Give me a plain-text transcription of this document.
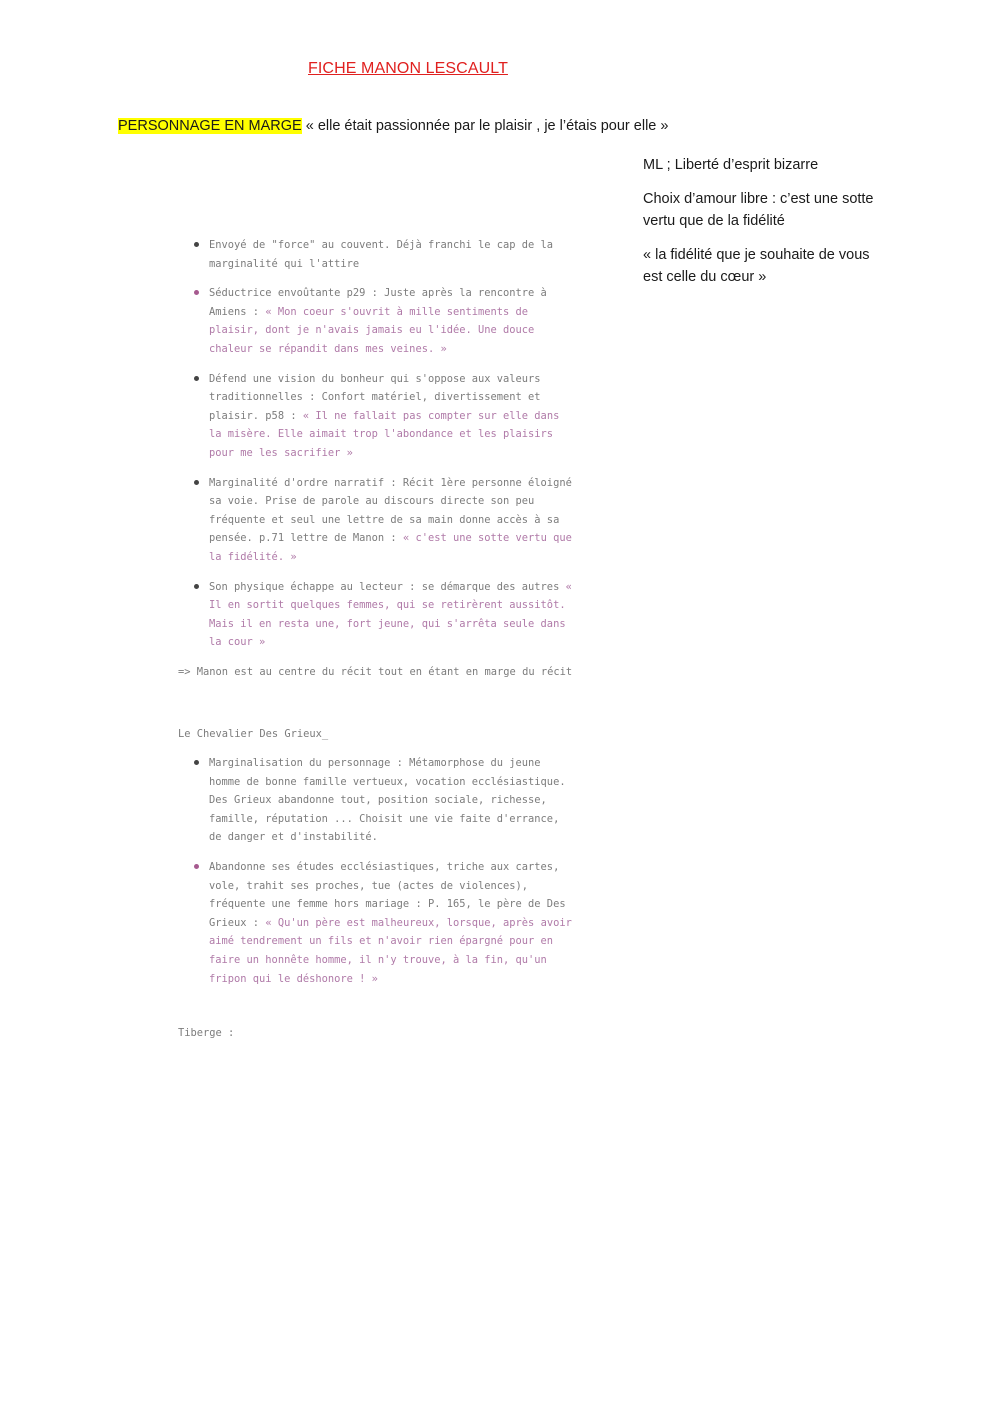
FICHE MANON LESCAULT
PERSONNAGE EN MARGE « elle était passionnée par le plaisir , je l’étais pour elle »

ML ; Liberté d’esprit bizarre

Choix d’amour libre : c’est une sotte vertu que de la fidélité

« la fidélité que je souhaite de vous est celle du cœur »

Envoyé de "force" au couvent. Déjà franchi le cap de la marginalité qui l'attire
Séductrice envoûtante p29 : Juste après la rencontre à Amiens : « Mon coeur s'ouvrit à mille sentiments de plaisir, dont je n'avais jamais eu l'idée. Une douce chaleur se répandit dans mes veines. »
Défend une vision du bonheur qui s'oppose aux valeurs traditionnelles : Confort matériel, divertissement et plaisir. p58 : « Il ne fallait pas compter sur elle dans la misère. Elle aimait trop l'abondance et les plaisirs pour me les sacrifier »
Marginalité d'ordre narratif : Récit 1ère personne éloigné sa voie. Prise de parole au discours directe son peu fréquente et seul une lettre de sa main donne accès à sa pensée. p.71 lettre de Manon : « c'est une sotte vertu que la fidélité. »
Son physique échappe au lecteur : se démarque des autres « Il en sortit quelques femmes, qui se retirèrent aussitôt. Mais il en resta une, fort jeune, qui s'arrêta seule dans la cour »

=> Manon est au centre du récit tout en étant en marge du récit

Le Chevalier Des Grieux_

Marginalisation du personnage : Métamorphose du jeune homme de bonne famille vertueux, vocation ecclésiastique. Des Grieux abandonne tout, position sociale, richesse, famille, réputation ... Choisit une vie faite d'errance, de danger et d'instabilité.
Abandonne ses études ecclésiastiques, triche aux cartes, vole, trahit ses proches, tue (actes de violences), fréquente une femme hors mariage : P. 165, le père de Des Grieux : « Qu'un père est malheureux, lorsque, après avoir aimé tendrement un fils et n'avoir rien épargné pour en faire un honnête homme, il n'y trouve, à la fin, qu'un fripon qui le déshonore ! »

Tiberge :
